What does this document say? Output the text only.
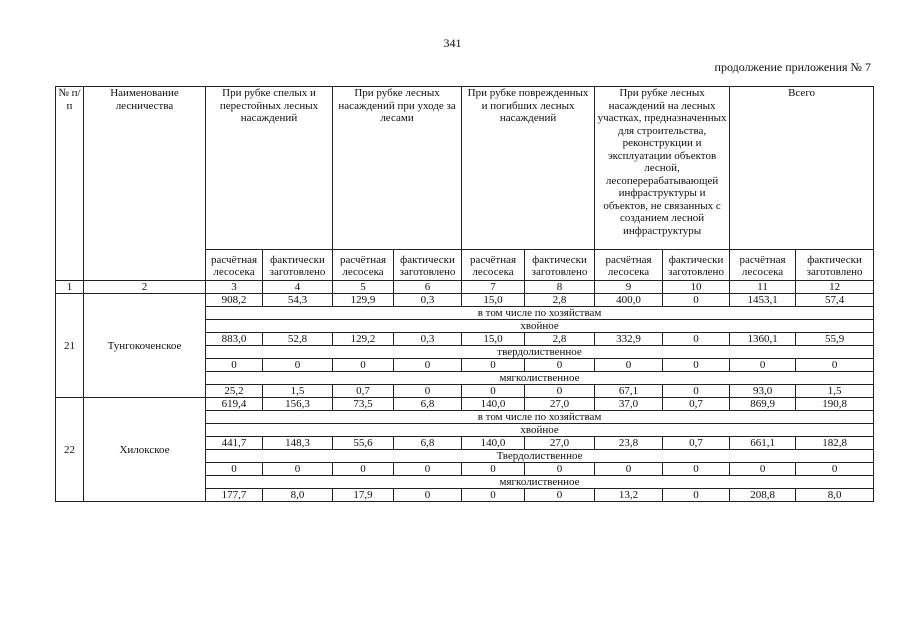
341
продолжение приложения № 7
№ п/п	Наименование лесничества	При рубке спелых и перестойных лесных насаждений		При рубке лесных насаждений при уходе за лесами		При рубке поврежденных и погибших лесных насаждений		При рубке лесных насаждений на лесных участках, предназначенных для строительства, реконструкции и эксплуатации объектов лесной, лесоперерабатывающей инфраструктуры и объектов, не связанных с созданием лесной инфраструктуры		Всего	
		расчётная лесосека	фактически заготовлено	расчётная лесосека	фактически заготовлено	расчётная лесосека	фактически заготовлено	расчётная лесосека	фактически заготовлено	расчётная лесосека	фактически заготовлено
1	2	3	4	5	6	7	8	9	10	11	12
21	Тунгокоченское	908,2	54,3	129,9	0,3	15,0	2,8	400,0	0	1453,1	57,4
		в том числе по хозяйствам									
		хвойное									
		883,0	52,8	129,2	0,3	15,0	2,8	332,9	0	1360,1	55,9
		твердолиственное									
		0	0	0	0	0	0	0	0	0	0
		мягколиственное									
		25,2	1,5	0,7	0	0	0	67,1	0	93,0	1,5
22	Хилокское	619,4	156,3	73,5	6,8	140,0	27,0	37,0	0,7	869,9	190,8
		в том числе по хозяйствам									
		хвойное									
		441,7	148,3	55,6	6,8	140,0	27,0	23,8	0,7	661,1	182,8
		Твердолиственное									
		0	0	0	0	0	0	0	0	0	0
		мягколиственное									
		177,7	8,0	17,9	0	0	0	13,2	0	208,8	8,0
